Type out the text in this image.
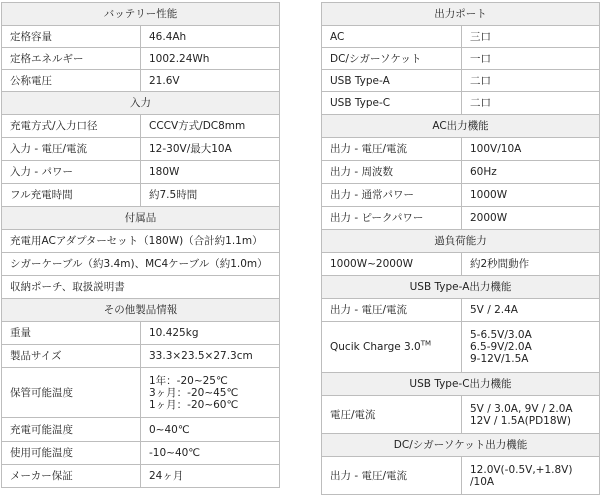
バッテリー性能	
定格容量	46.4Ah
定格エネルギー	1002.24Wh
公称電圧	21.6V
入力	
充電方式/入力口径	CCCV方式/DC8mm
入力 - 電圧/電流	12-30V/最大10A
入力 - パワー	180W
フル充電時間	約7.5時間
付属品	
充電用ACアダプターセット（180W)（合計約1.1m）	
シガーケーブル（約3.4m)、MC4ケーブル（約1.0m）	
収納ポーチ、取扱説明書	
その他製品情報	
重量	10.425kg
製品サイズ	33.3×23.5×27.3cm
保管可能温度	1年：-20~25℃
3ヶ月：-20~45℃
1ヶ月：-20~60℃

充電可能温度	0~40℃
使用可能温度	-10~40℃
メーカー保証	24ヶ月
出力ポート	
AC	三口
DC/シガーソケット	一口
USB Type-A	二口
USB Type-C	二口
AC出力機能	
出力 - 電圧/電流	100V/10A
出力 - 周波数	60Hz
出力 - 通常パワー	1000W
出力 - ピークパワー	2000W
過負荷能力	
1000W~2000W	約2秒間動作
USB Type-A出力機能	
出力 - 電圧/電流	5V / 2.4A
Qucik Charge 3.0™	5-6.5V/3.0A
6.5-9V/2.0A
9-12V/1.5A

USB Type-C出力機能	
電圧/電流	5V / 3.0A, 9V / 2.0A
12V / 1.5A(PD18W)

DC/シガーソケット出力機能	
出力 - 電圧/電流	12.0V(-0.5V,+1.8V)
/10A
